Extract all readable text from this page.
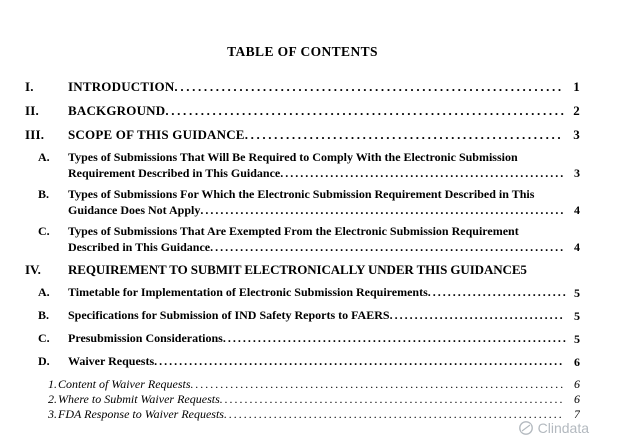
TABLE OF CONTENTS
I.	INTRODUCTION . . .	1
II. BACKGROUND . . .	2
III. SCOPE OF THIS GUIDANCE . . .	3
A. Types of Submissions That Will Be Required to Comply With the Electronic Submission Requirement Described in This Guidance . . .	3
B. Types of Submissions For Which the Electronic Submission Requirement Described in This Guidance Does Not Apply . . .	4
C. Types of Submissions That Are Exempted From the Electronic Submission Requirement Described in This Guidance . . .	4
IV. REQUIREMENT TO SUBMIT ELECTRONICALLY UNDER THIS GUIDANCE5
A. Timetable for Implementation of Electronic Submission Requirements . . .	5
B. Specifications for Submission of IND Safety Reports to FAERS . . .	5
C. Presubmission Considerations . . .	5
D. Waiver Requests . . .	6
1. Content of Waiver Requests . . .	6
2. Where to Submit Waiver Requests . . .	6
3. FDA Response to Waiver Requests . . .	7
Clindata
